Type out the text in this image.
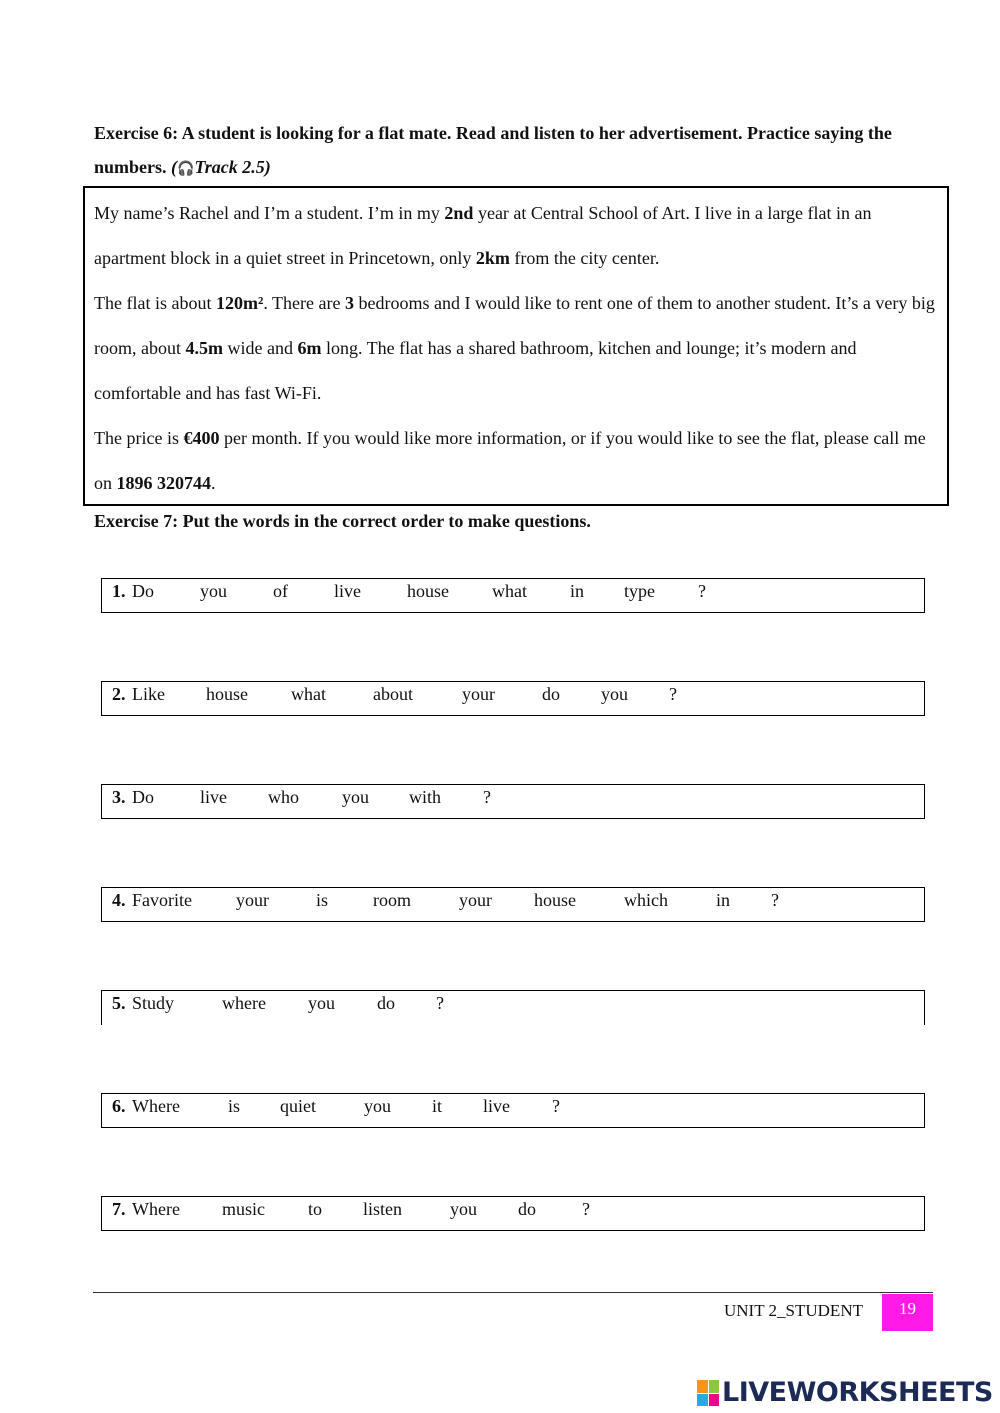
Exercise 6: A student is looking for a flat mate. Read and listen to her advertisement. Practice saying the numbers. (🎧Track 2.5)

My name’s Rachel and I’m a student. I’m in my 2nd year at Central School of Art. I live in a large flat in an apartment block in a quiet street in Princetown, only 2km from the city center.

The flat is about 120m². There are 3 bedrooms and I would like to rent one of them to another student. It’s a very big room, about 4.5m wide and 6m long. The flat has a shared bathroom, kitchen and lounge; it’s modern and comfortable and has fast Wi-Fi.

The price is €400 per month. If you would like more information, or if you would like to see the flat, please call me on 1896 320744.

Exercise 7: Put the words in the correct order to make questions.
1. Do	you	of	live	house what in type ?
2. Like house what	about	your	do you ?
3. Do	live who you with ?
4. Favorite your	is room	your house	which	in ?
5. Study	where you do ?
6. Where	is quiet	you it live ?
7. Where music to listen	you do	?
UNIT 2_STUDENT	19
LIVEWORKSHEETS
